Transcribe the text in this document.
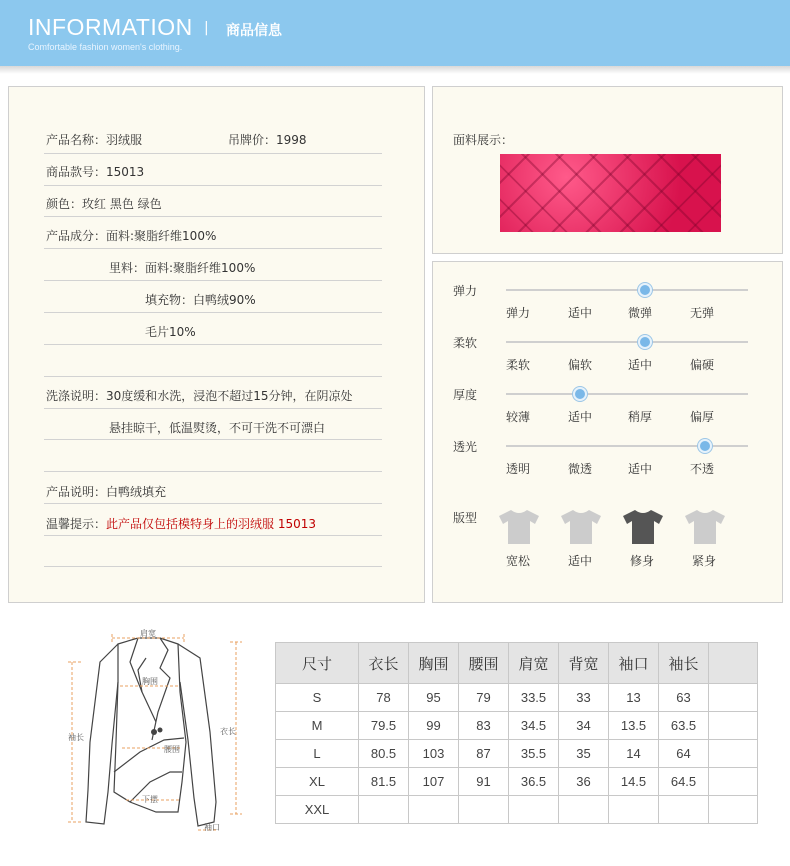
INFORMATION
Comfortable fashion women's clothing.
| 商品信息
产品名称：羽绒服	吊牌价：1998
商品款号：15013
颜色：玫红 黑色 绿色
产品成分：面料:聚脂纤维100%
里料：面料:聚脂纤维100%
填充物：白鸭绒90%
毛片10%
洗涤说明：30度缓和水洗，浸泡不超过15分钟，在阴凉处
悬挂晾干，低温熨烫，不可干洗不可漂白
产品说明：白鸭绒填充
温馨提示：此产品仅包括模特身上的羽绒服 15013
面料展示：
弹力
弹力	适中	微弹	无弹
柔软
柔软	偏软	适中	偏硬
厚度
较薄	适中	稍厚	偏厚
透光
透明	微透	适中	不透
版型
宽松	适中	修身	紧身
肩宽
胸围
腰围
下摆
袖长
衣长
袖口
尺寸	衣长	胸围	腰围	肩宽	背宽	袖口	袖长	
S	78	95	79	33.5	33	13	63	
M	79.5	99	83	34.5	34	13.5	63.5	
L	80.5	103	87	35.5	35	14	64	
XL	81.5	107	91	36.5	36	14.5	64.5	
XXL								
